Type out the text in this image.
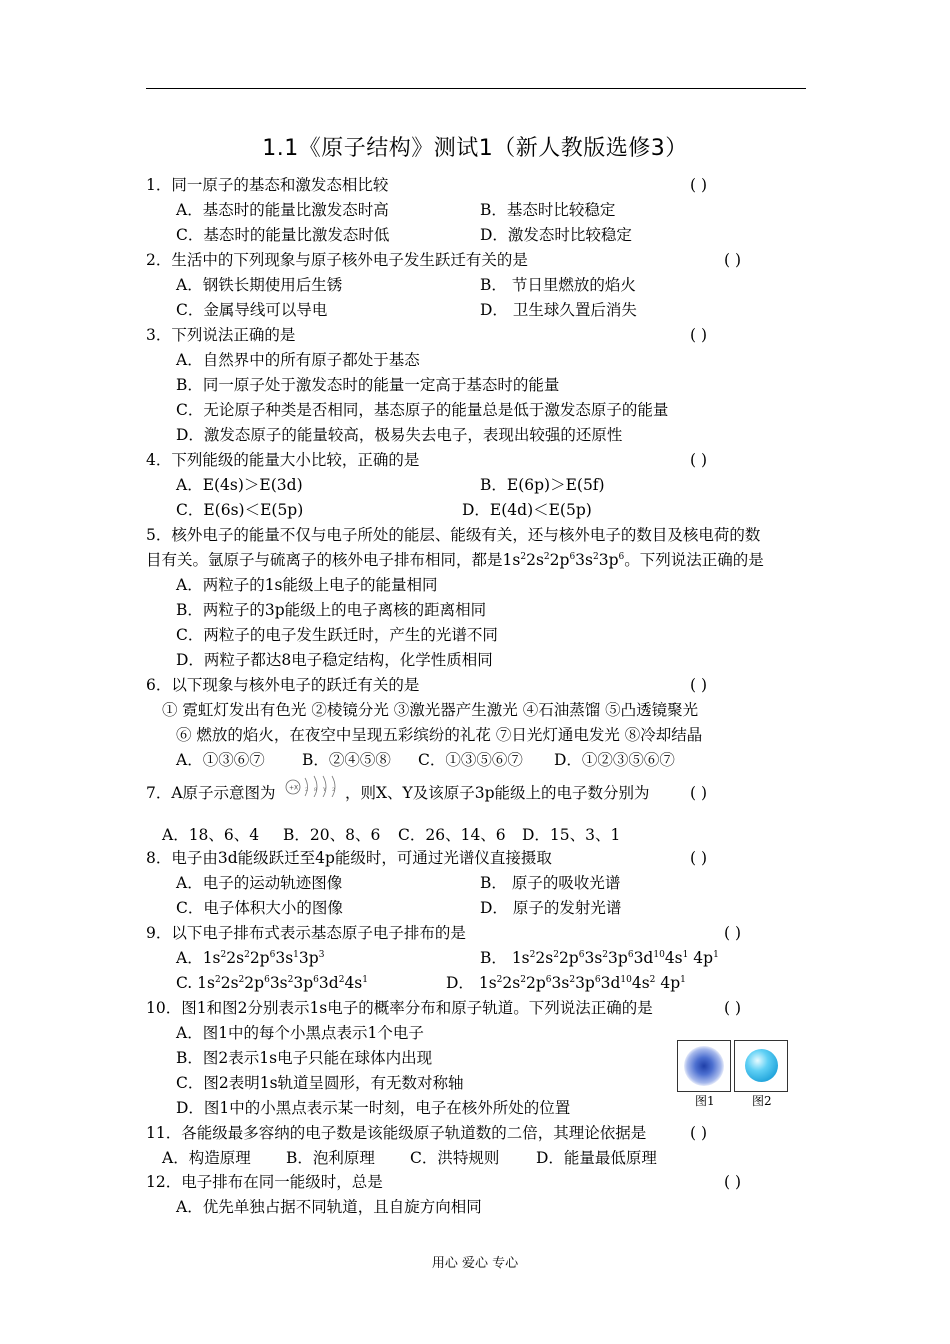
1.1《原子结构》测试1（新人教版选修3）
1．同一原子的基态和激发态相比较	( )
A．基态时的能量比激发态时高	B．基态时比较稳定
C．基态时的能量比激发态时低	D．激发态时比较稳定
2．生活中的下列现象与原子核外电子发生跃迁有关的是	( )
A．钢铁长期使用后生锈	B． 节日里燃放的焰火
C．金属导线可以导电	D． 卫生球久置后消失
3．下列说法正确的是	( )
A．自然界中的所有原子都处于基态
B．同一原子处于激发态时的能量一定高于基态时的能量
C．无论原子种类是否相同，基态原子的能量总是低于激发态原子的能量
D．激发态原子的能量较高，极易失去电子，表现出较强的还原性
4．下列能级的能量大小比较，正确的是	( )
A．E(4s)＞E(3d)	B．E(6p)＞E(5f)
C．E(6s)＜E(5p)	D．E(4d)＜E(5p)
5．核外电子的能量不仅与电子所处的能层、能级有关，还与核外电子的数目及核电荷的数
目有关。氩原子与硫离子的核外电子排布相同，都是$1s^22s^22p^63s^23p^6$。下列说法正确的是
A．两粒子的1s能级上电子的能量相同
B．两粒子的3p能级上的电子离核的距离相同
C．两粒子的电子发生跃迁时，产生的光谱不同
D．两粒子都达8电子稳定结构，化学性质相同
6．以下现象与核外电子的跃迁有关的是	( )
① 霓虹灯发出有色光 ②棱镜分光 ③激光器产生激光 ④石油蒸馏 ⑤凸透镜聚光
⑥ 燃放的焰火，在夜空中呈现五彩缤纷的礼花 ⑦日光灯通电发光 ⑧冷却结晶
A．①③⑥⑦ B．②④⑤⑧ C．①③⑤⑥⑦ D．①②③⑤⑥⑦
7．A原子示意图为 +X 2 8 Y 2 ，则X、Y及该原子3p能级上的电子数分别为	( )
A．18、6、4 B．20、8、6 C．26、14、6 D．15、3、1
8．电子由3d能级跃迁至4p能级时，可通过光谱仪直接摄取	( )
A．电子的运动轨迹图像	B． 原子的吸收光谱
C．电子体积大小的图像	D． 原子的发射光谱
9．以下电子排布式表示基态原子电子排布的是	( )
A．$1s^22s^22p^63s^13p^3$	B． $1s^22s^22p^63s^23p^63d^{10}4s^1$ $4p^1$
C. $1s^22s^22p^63s^23p^63d^24s^1$	D． $1s^22s^22p^63s^23p^63d^{10}4s^2$ $4p^1$
10．图1和图2分别表示1s电子的概率分布和原子轨道。下列说法正确的是	( )
A．图1中的每个小黑点表示1个电子
B．图2表示1s电子只能在球体内出现
C．图2表明1s轨道呈圆形，有无数对称轴
D．图1中的小黑点表示某一时刻，电子在核外所处的位置	图1	图2
11．各能级最多容纳的电子数是该能级原子轨道数的二倍，其理论依据是	( )
A．构造原理 B．泡利原理 C．洪特规则 D．能量最低原理
12．电子排布在同一能级时，总是	( )
A．优先单独占据不同轨道，且自旋方向相同
用心 爱心 专心
